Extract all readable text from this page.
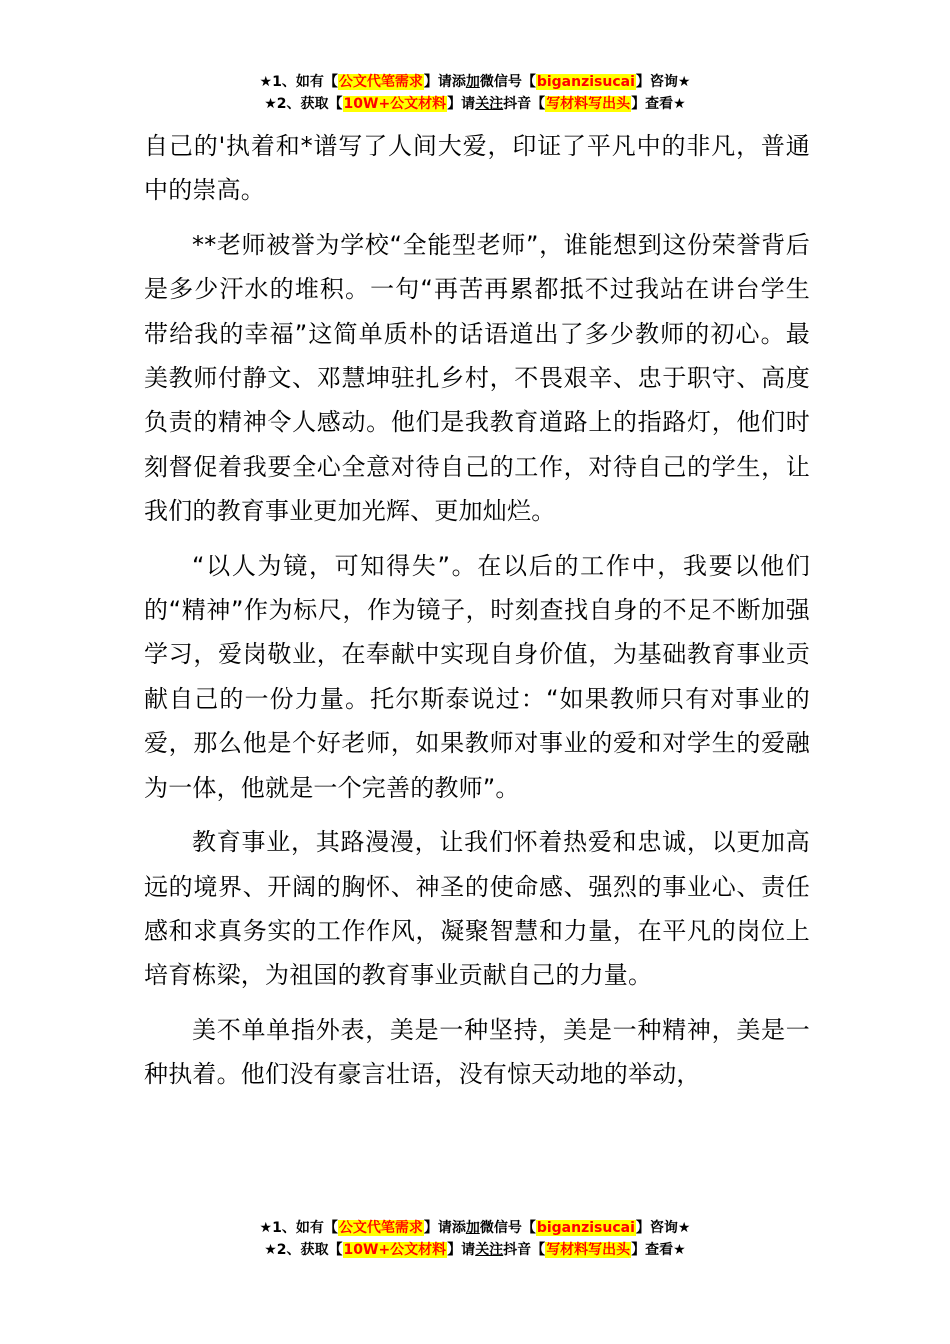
★1、如有【公文代笔需求】请添加微信号【biganzisucai】咨询★
★2、获取【10W+公文材料】请关注抖音【写材料写出头】查看★

自己的'执着和*谱写了人间大爱，印证了平凡中的非凡，普通中的崇高。

**老师被誉为学校“全能型老师”，谁能想到这份荣誉背后是多少汗水的堆积。一句“再苦再累都抵不过我站在讲台学生带给我的幸福”这简单质朴的话语道出了多少教师的初心。最美教师付静文、邓慧坤驻扎乡村，不畏艰辛、忠于职守、高度负责的精神令人感动。他们是我教育道路上的指路灯，他们时刻督促着我要全心全意对待自己的工作，对待自己的学生，让我们的教育事业更加光辉、更加灿烂。

“以人为镜，可知得失”。在以后的工作中，我要以他们的“精神”作为标尺，作为镜子，时刻查找自身的不足不断加强学习，爱岗敬业，在奉献中实现自身价值，为基础教育事业贡献自己的一份力量。托尔斯泰说过：“如果教师只有对事业的爱，那么他是个好老师，如果教师对事业的爱和对学生的爱融为一体，他就是一个完善的教师”。

教育事业，其路漫漫，让我们怀着热爱和忠诚，以更加高远的境界、开阔的胸怀、神圣的使命感、强烈的事业心、责任感和求真务实的工作作风，凝聚智慧和力量，在平凡的岗位上培育栋梁，为祖国的教育事业贡献自己的力量。

美不单单指外表，美是一种坚持，美是一种精神，美是一种执着。他们没有豪言壮语，没有惊天动地的举动，

★1、如有【公文代笔需求】请添加微信号【biganzisucai】咨询★
★2、获取【10W+公文材料】请关注抖音【写材料写出头】查看★
